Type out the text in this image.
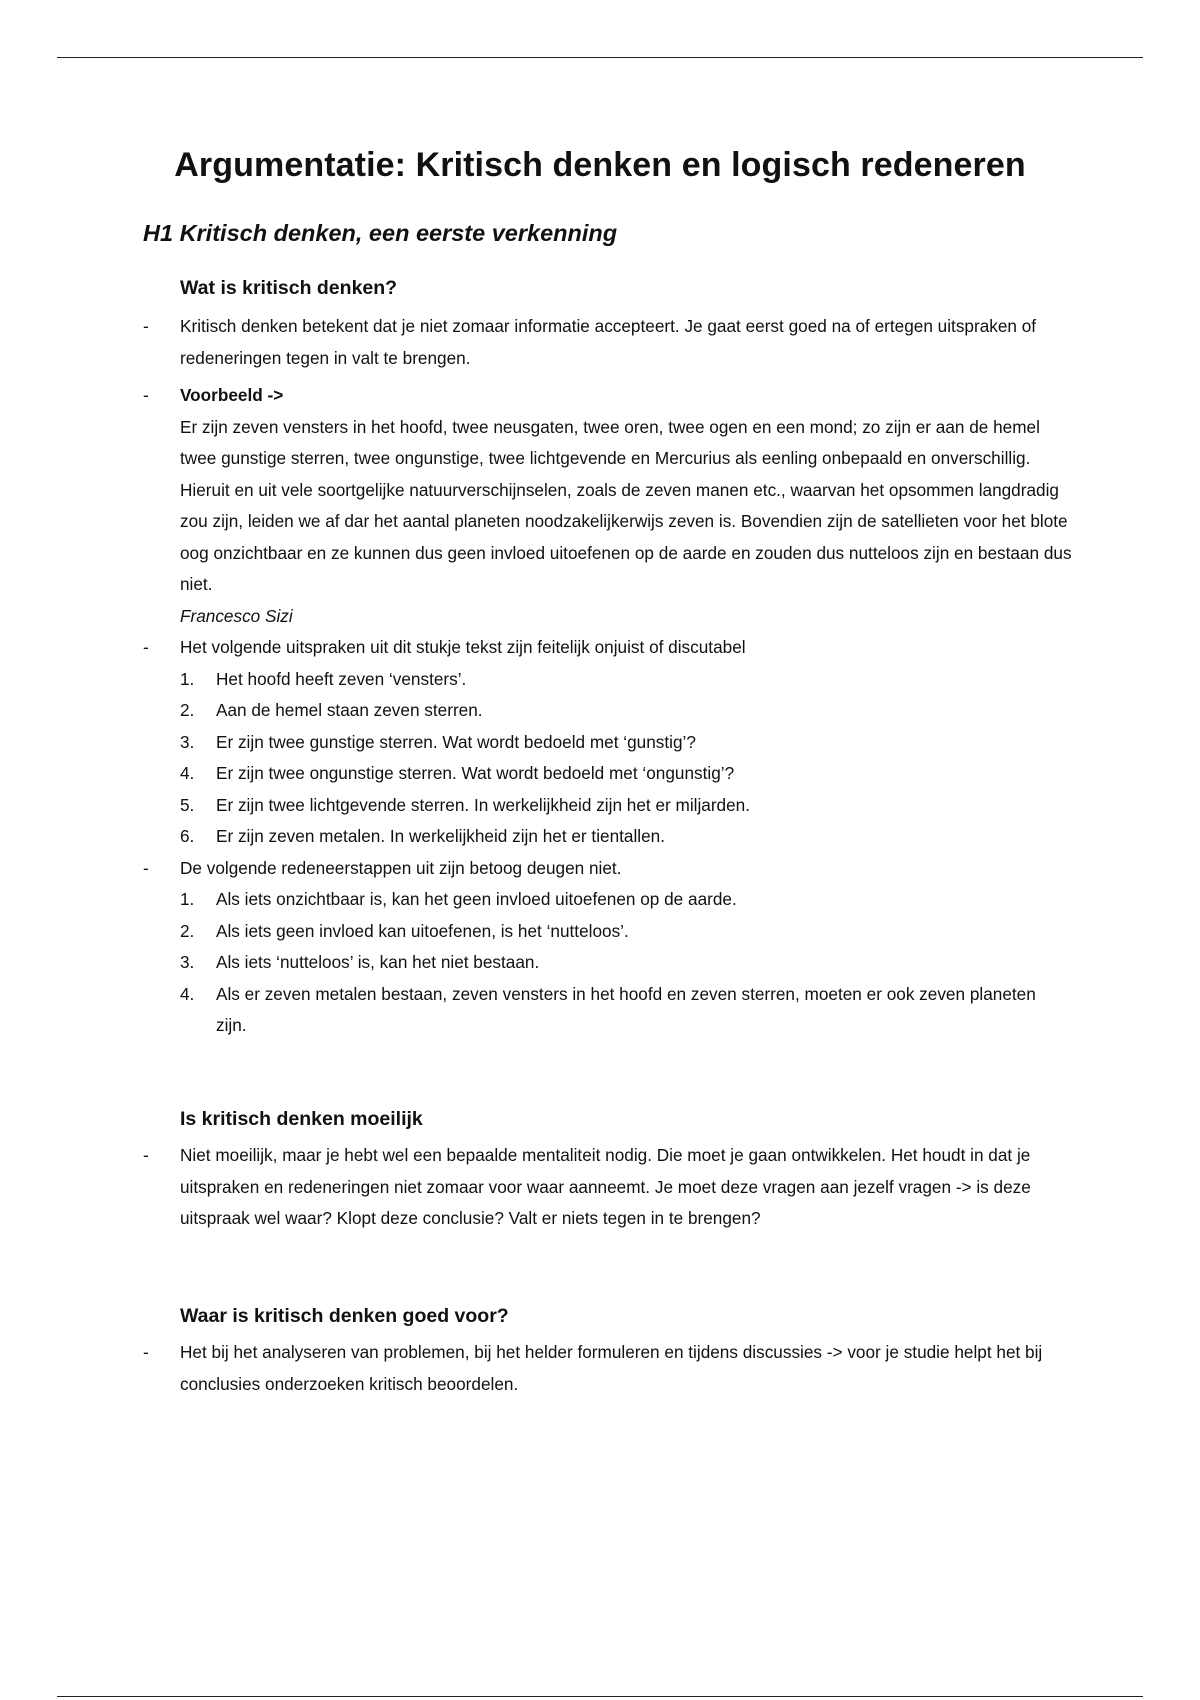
Argumentatie: Kritisch denken en logisch redeneren
H1 Kritisch denken, een eerste verkenning
Wat is kritisch denken?
- Kritisch denken betekent dat je niet zomaar informatie accepteert. Je gaat eerst goed na of ertegen uitspraken of redeneringen tegen in valt te brengen.
- Voorbeeld ->
Er zijn zeven vensters in het hoofd, twee neusgaten, twee oren, twee ogen en een mond; zo zijn er aan de hemel twee gunstige sterren, twee ongunstige, twee lichtgevende en Mercurius als eenling onbepaald en onverschillig. Hieruit en uit vele soortgelijke natuurverschijnselen, zoals de zeven manen etc., waarvan het opsommen langdradig zou zijn, leiden we af dar het aantal planeten noodzakelijkerwijs zeven is. Bovendien zijn de satellieten voor het blote oog onzichtbaar en ze kunnen dus geen invloed uitoefenen op de aarde en zouden dus nutteloos zijn en bestaan dus niet.
Francesco Sizi
- Het volgende uitspraken uit dit stukje tekst zijn feitelijk onjuist of discutabel
1. Het hoofd heeft zeven ‘vensters’.
2. Aan de hemel staan zeven sterren.
3. Er zijn twee gunstige sterren. Wat wordt bedoeld met ‘gunstig’?
4. Er zijn twee ongunstige sterren. Wat wordt bedoeld met ‘ongunstig’?
5. Er zijn twee lichtgevende sterren. In werkelijkheid zijn het er miljarden.
6. Er zijn zeven metalen. In werkelijkheid zijn het er tientallen.
- De volgende redeneerstappen uit zijn betoog deugen niet.
1. Als iets onzichtbaar is, kan het geen invloed uitoefenen op de aarde.
2. Als iets geen invloed kan uitoefenen, is het ‘nutteloos’.
3. Als iets ‘nutteloos’ is, kan het niet bestaan.
4. Als er zeven metalen bestaan, zeven vensters in het hoofd en zeven sterren, moeten er ook zeven planeten zijn.
Is kritisch denken moeilijk
- Niet moeilijk, maar je hebt wel een bepaalde mentaliteit nodig. Die moet je gaan ontwikkelen. Het houdt in dat je uitspraken en redeneringen niet zomaar voor waar aanneemt. Je moet deze vragen aan jezelf vragen -> is deze uitspraak wel waar? Klopt deze conclusie? Valt er niets tegen in te brengen?
Waar is kritisch denken goed voor?
- Het bij het analyseren van problemen, bij het helder formuleren en tijdens discussies -> voor je studie helpt het bij conclusies onderzoeken kritisch beoordelen.
